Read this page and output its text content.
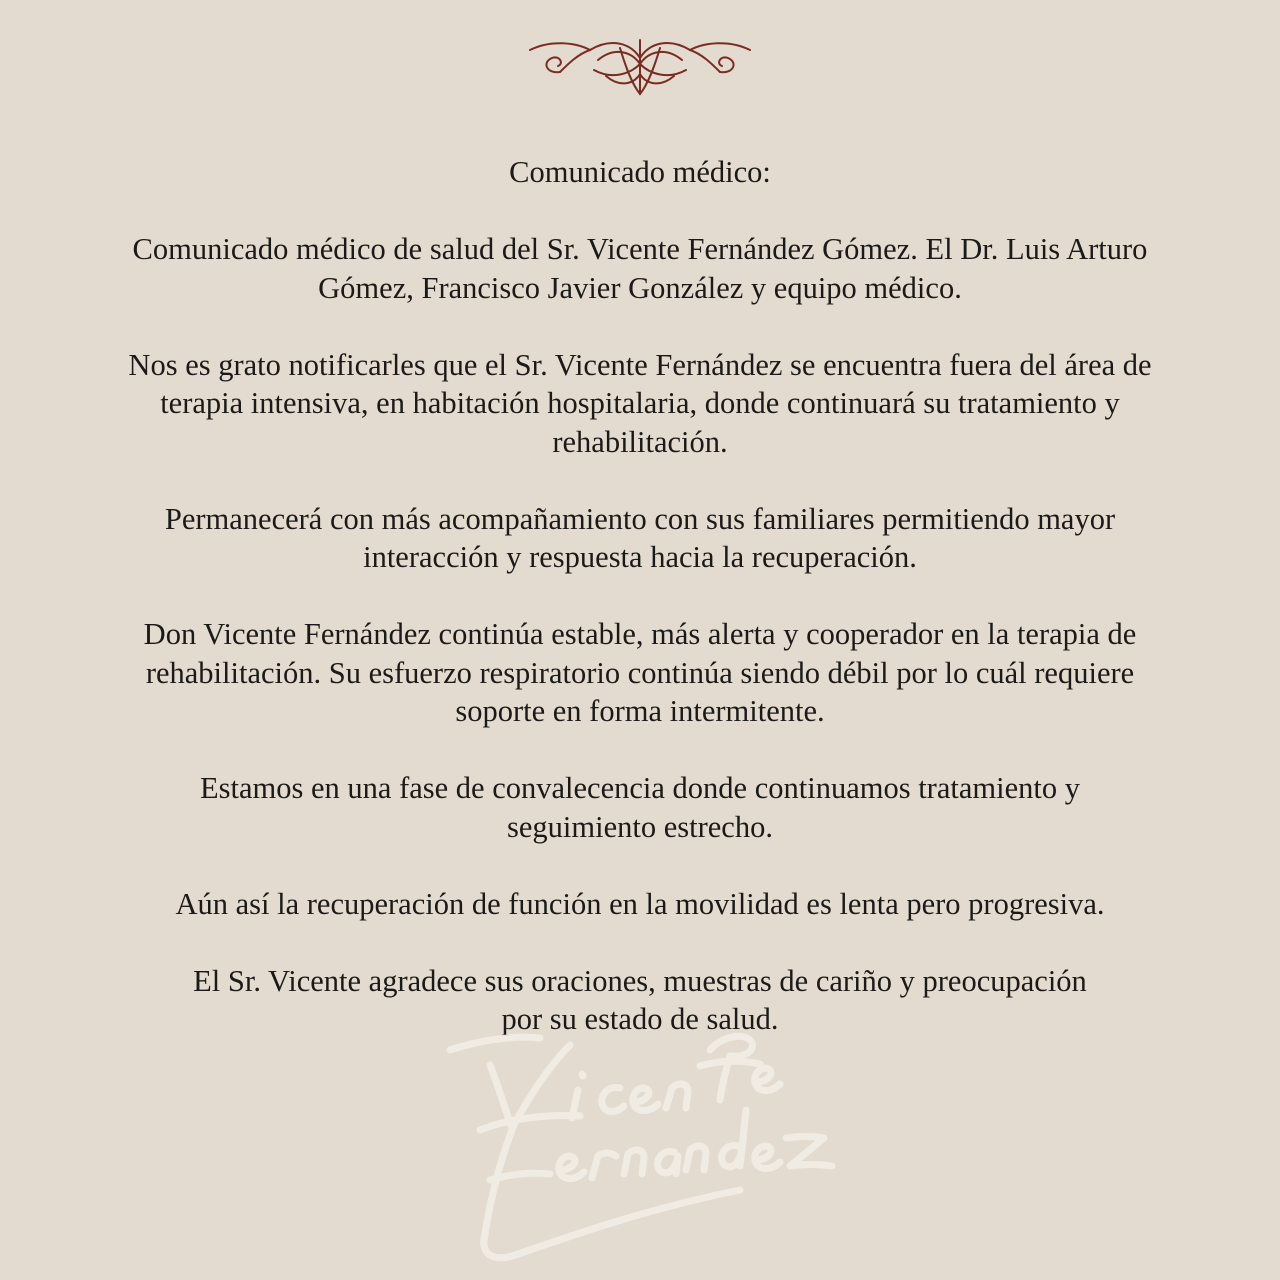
Comunicado médico:

Comunicado médico de salud del Sr. Vicente Fernández Gómez. El Dr. Luis Arturo
Gómez, Francisco Javier González y equipo médico.

Nos es grato notificarles que el Sr. Vicente Fernández se encuentra fuera del área de
terapia intensiva, en habitación hospitalaria, donde continuará su tratamiento y
rehabilitación.

Permanecerá con más acompañamiento con sus familiares permitiendo mayor
interacción y respuesta hacia la recuperación.

Don Vicente Fernández continúa estable, más alerta y cooperador en la terapia de
rehabilitación. Su esfuerzo respiratorio continúa siendo débil por lo cuál requiere
soporte en forma intermitente.

Estamos en una fase de convalecencia donde continuamos tratamiento y
seguimiento estrecho.

Aún así la recuperación de función en la movilidad es lenta pero progresiva.

El Sr. Vicente agradece sus oraciones, muestras de cariño y preocupación
por su estado de salud.
